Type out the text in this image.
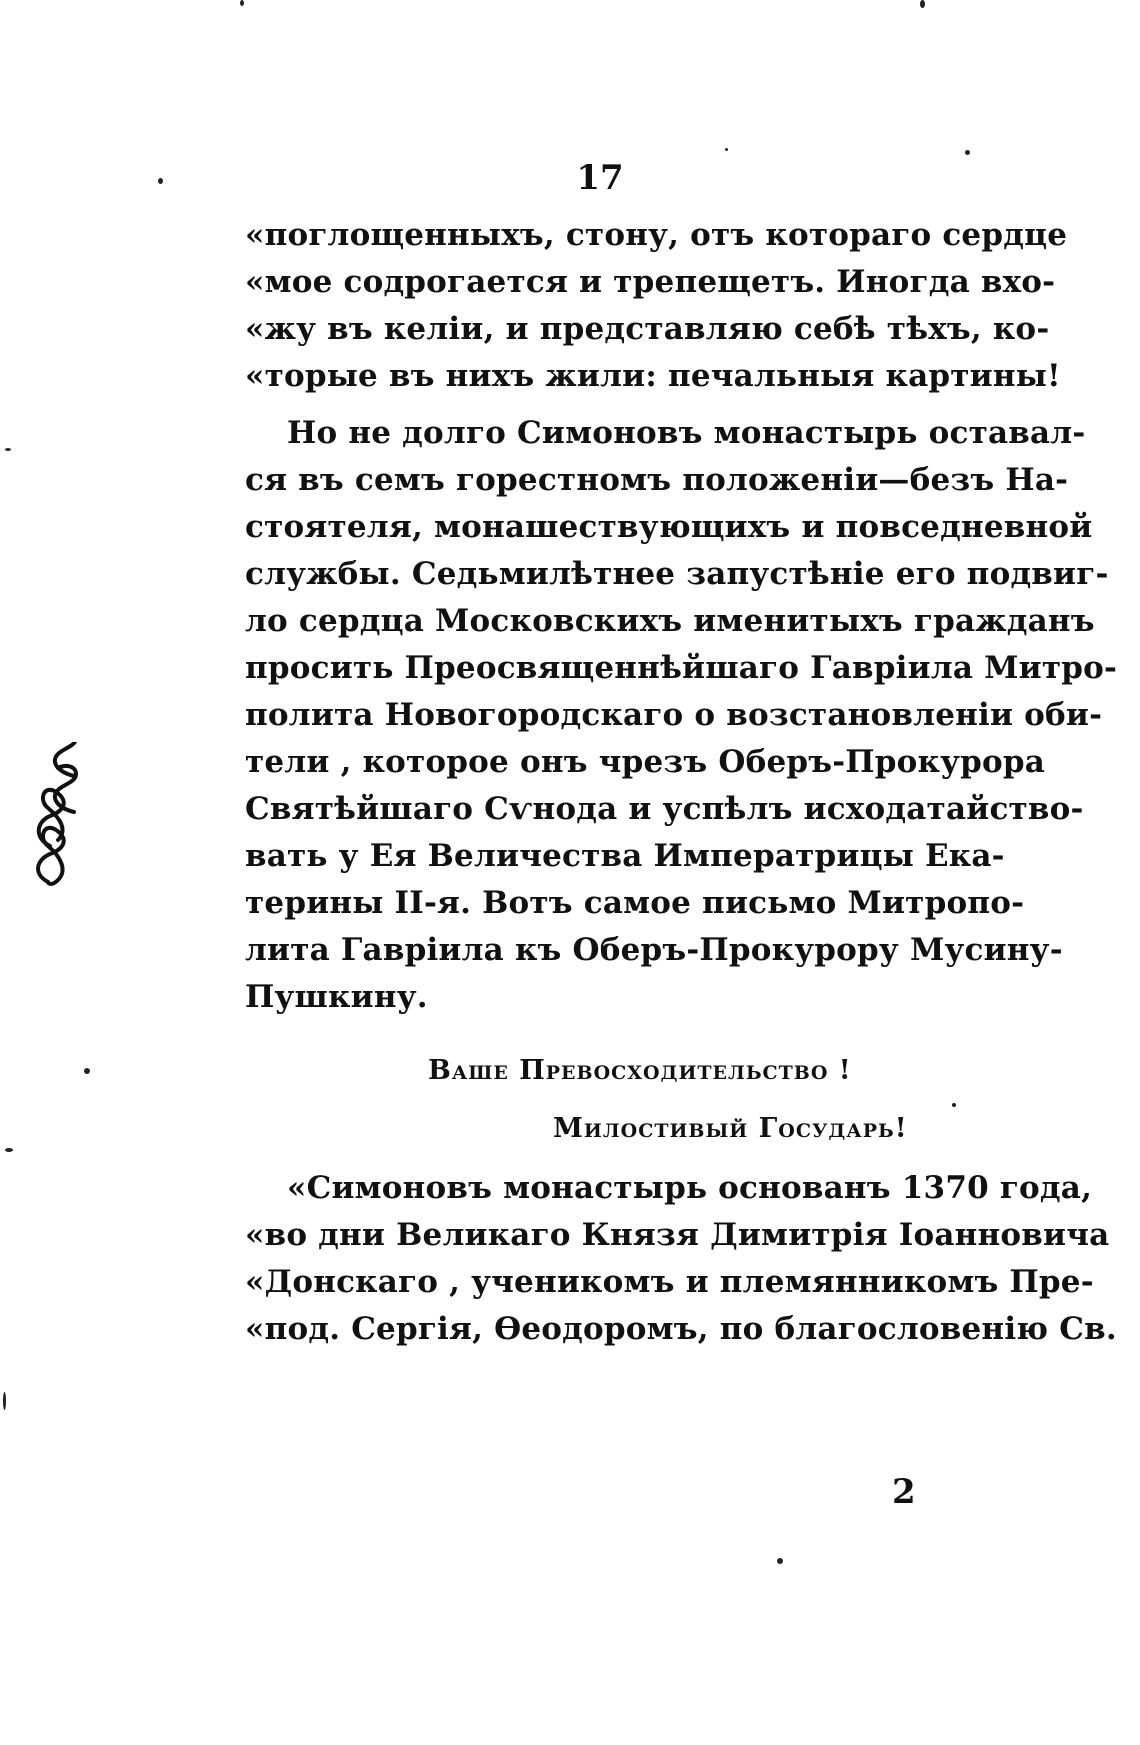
17
«поглощенныхъ, стону, отъ котораго сердце
«мое содрогается и трепещетъ. Иногда вхо-
«жу въ келіи, и представляю себѣ тѣхъ, ко-
«торые въ нихъ жили: печальныя картины!
Но не долго Симоновъ монастырь оставал-
ся въ семъ горестномъ положеніи—безъ На-
стоятеля, монашествующихъ и повседневной
службы. Седьмилѣтнее запустѣніе его подвиг-
ло сердца Московскихъ именитыхъ гражданъ
просить Преосвященнѣйшаго Гавріила Митро-
полита Новогородскаго о возстановленіи оби-
тели , которое онъ чрезъ Оберъ-Прокурора
Святѣйшаго Сѵнода и успѣлъ исходатайство-
вать у Ея Величества Императрицы Ека-
терины II-я. Вотъ самое письмо Митропо-
лита Гавріила къ Оберъ-Прокурору Мусину-
Пушкину.
Ваше Превосходительство !
Милостивый Государь!
«Симоновъ монастырь основанъ 1370 года,
«во дни Великаго Князя Димитрія Іоанновича
«Донскаго , ученикомъ и племянникомъ Пре-
«под. Сергія, Ѳеодоромъ, по благословенію Св.
2
